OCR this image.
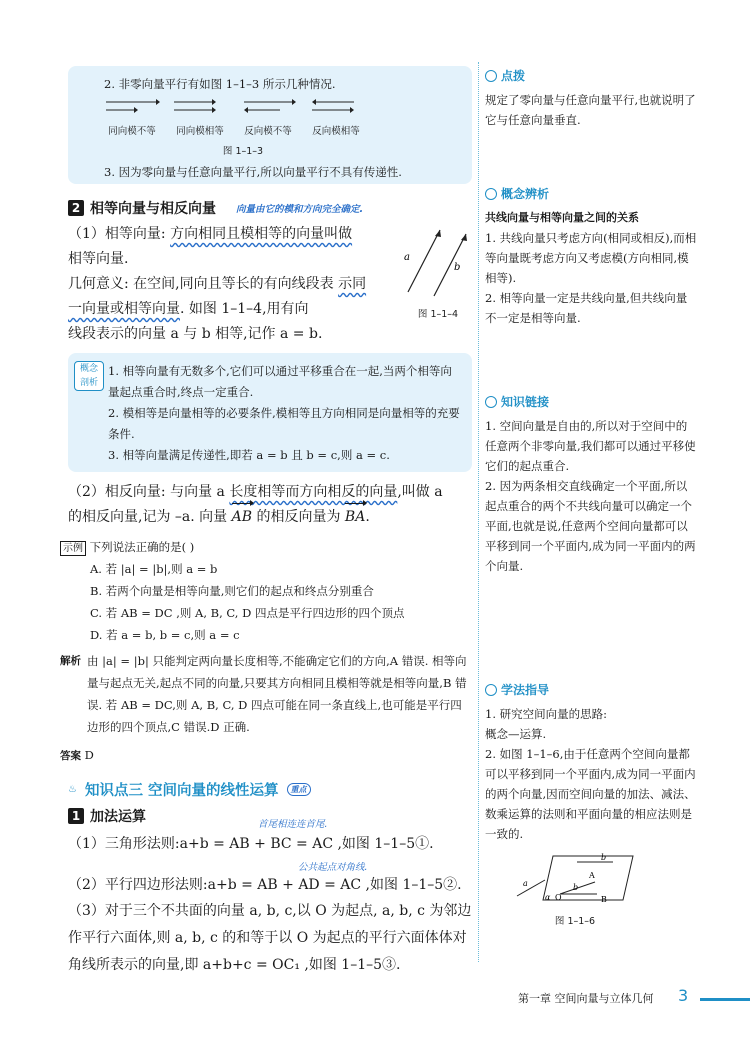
2. 非零向量平行有如图 1–1–3 所示几种情况.
同向模不等	同向模相等	反向模不等	反向模相等
图 1–1–3
3. 因为零向量与任意向量平行,所以向量平行不具有传递性.
2 相等向量与相反向量 向量由它的模和方向完全确定.
（1）相等向量: 方向相同且模相等的向量叫做
相等向量.
几何意义: 在空间,同向且等长的有向线段表 示同一向量或相等向量. 如图 1–1–4,用有向
线段表示的向量 a 与 b 相等,记作 a = b.
a
b
图 1–1–4
概念
剖析
1. 相等向量有无数多个,它们可以通过平移重合在一起,当两个相等向量起点重合时,终点一定重合.
2. 模相等是向量相等的必要条件,模相等且方向相同是向量相等的充要条件.
3. 相等向量满足传递性,即若 a = b 且 b = c,则 a = c.
（2）相反向量: 与向量 a 长度相等而方向相反的向量,叫做 a
的相反向量,记为 –a. 向量 AB 的相反向量为 BA.
示例 下列说法正确的是( )
A. 若 |a| = |b|,则 a = b
B. 若两个向量是相等向量,则它们的起点和终点分别重合
C. 若 AB = DC ,则 A, B, C, D 四点是平行四边形的四个顶点
D. 若 a = b, b = c,则 a = c
解析 由 |a| = |b| 只能判定两向量长度相等,不能确定它们的方向,A 错误. 相等向量与起点无关,起点不同的向量,只要其方向相同且模相等就是相等向量,B 错误. 若 AB = DC,则 A, B, C, D 四点可能在同一条直线上,也可能是平行四边形的四个顶点,C 错误.D 正确.
答案 D
♨ 知识点三 空间向量的线性运算	重点
1 加法运算	首尾相连连首尾.
（1）三角形法则:a+b = AB + BC = AC ,如图 1–1–5①.
公共起点对角线.
（2）平行四边形法则:a+b = AB + AD = AC ,如图 1–1–5②.
（3）对于三个不共面的向量 a, b, c,以 O 为起点, a, b, c 为邻边作平行六面体,则 a, b, c 的和等于以 O 为起点的平行六面体体对角线所表示的向量,即 a+b+c = OC₁ ,如图 1–1–5③.
点拨
规定了零向量与任意向量平行,也就说明了它与任意向量垂直.
概念辨析
共线向量与相等向量之间的关系
1. 共线向量只考虑方向(相同或相反),而相等向量既考虑方向又考虑模(方向相同,模相等).
2. 相等向量一定是共线向量,但共线向量不一定是相等向量.
知识链接
1. 空间向量是自由的,所以对于空间中的任意两个非零向量,我们都可以通过平移使它们的起点重合.
2. 因为两条相交直线确定一个平面,所以起点重合的两个不共线向量可以确定一个平面,也就是说,任意两个空间向量都可以平移到同一个平面内,成为同一平面内的两个向量.
学法指导
1. 研究空间向量的思路:
概念—运算.
2. 如图 1–1–6,由于任意两个空间向量都可以平移到同一个平面内,成为同一平面内的两个向量,因而空间向量的加法、减法、数乘运算的法则和平面向量的相应法则是一致的.
b
A
a	b
O
α	B
图 1–1–6
第一章 空间向量与立体几何 3
